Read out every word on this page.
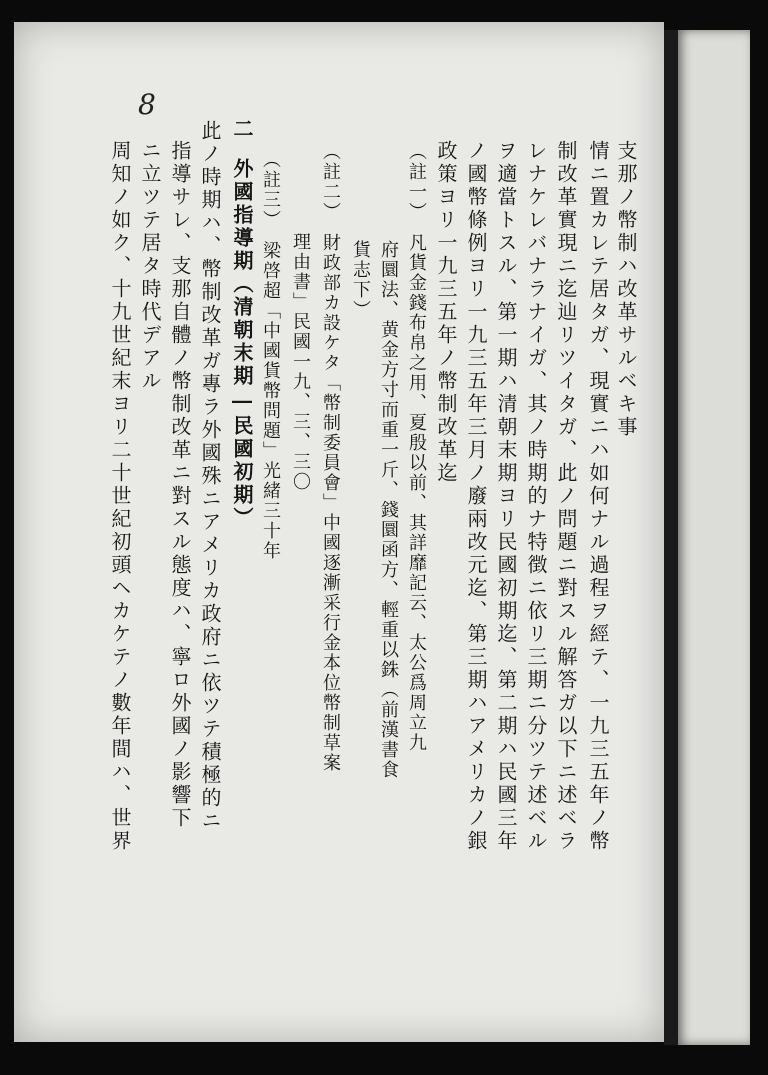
8
支那ノ幣制ハ改革サルベキ事
情ニ置カレテ居タガ、現實ニハ如何ナル過程ヲ經テ、一九三五年ノ幣
制改革實現ニ迄辿リツイタガ、此ノ問題ニ對スル解答ガ以下ニ述ベラ
レナケレバナラナイガ、其ノ時期的ナ特徴ニ依リ三期ニ分ツテ述ベル
ヲ適當トスル、第一期ハ清朝末期ヨリ民國初期迄、第二期ハ民國三年
ノ國幣條例ヨリ一九三五年三月ノ廢兩改元迄、第三期ハアメリカノ銀
政策ヨリ一九三五年ノ幣制改革迄
（註一）　凡貨金錢布帛之用、夏殷以前、其詳靡記云、太公爲周立九
府圜法、黄金方寸而重一斤、錢圜函方、輕重以銖（前漢書食
貨志下）
（註二）　財政部カ設ケタ「幣制委員會」中國逐漸采行金本位幣制草案
理由書」民國一九、三、三〇
（註三）　梁啓超「中國貨幣問題」光緒三十年
二
外國指導期（清朝末期―民國初期）
此ノ時期ハ、幣制改革ガ專ラ外國殊ニアメリカ政府ニ依ツテ積極的ニ
指導サレ、支那自體ノ幣制改革ニ對スル態度ハ、寧ロ外國ノ影響下
ニ立ツテ居タ時代デアル
周知ノ如ク、十九世紀末ヨリ二十世紀初頭ヘカケテノ數年間ハ、世界
